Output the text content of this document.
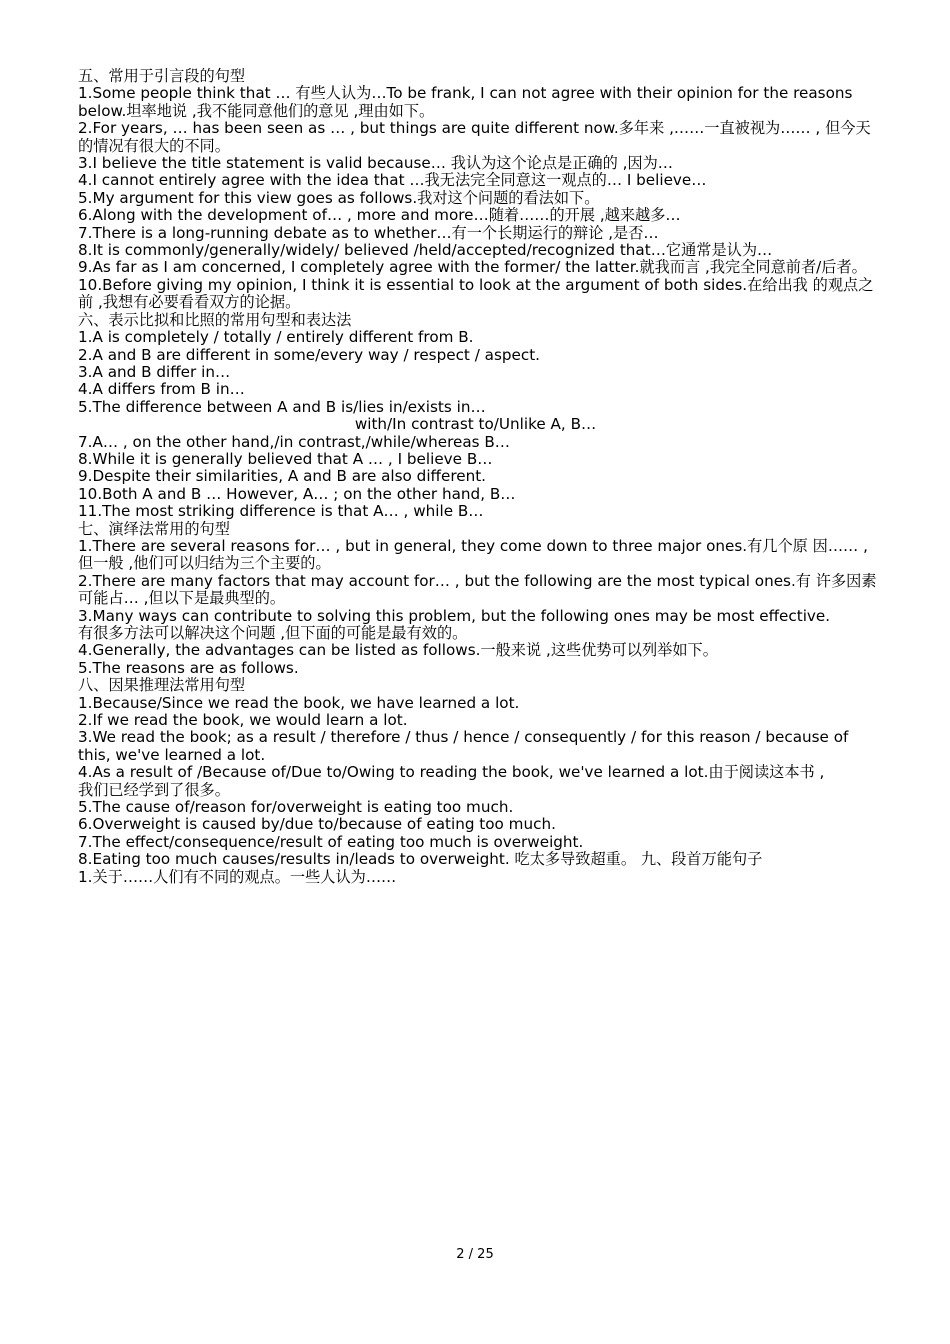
五、常用于引言段的句型

1.Some people think that … 有些人认为…To be frank, I can not agree with their opinion for the reasons below.坦率地说 ,我不能同意他们的意见 ,理由如下。

2.For years, … has been seen as … , but things are quite different now.多年来 ,……一直被视为…… , 但今天的情况有很大的不同。

3.I believe the title statement is valid because… 我认为这个论点是正确的 ,因为…

4.I cannot entirely agree with the idea that …我无法完全同意这一观点的… I believe…

5.My argument for this view goes as follows.我对这个问题的看法如下。

6.Along with the development of… , more and more…随着……的开展 ,越来越多…

7.There is a long-running debate as to whether…有一个长期运行的辩论 ,是否…

8.It is commonly/generally/widely/ believed /held/accepted/recognized that…它通常是认为…

9.As far as I am concerned, I completely agree with the former/ the latter.就我而言 ,我完全同意前者/后者。

10.Before giving my opinion, I think it is essential to look at the argument of both sides.在给出我 的观点之前 ,我想有必要看看双方的论据。

六、表示比拟和比照的常用句型和表达法

1.A is completely / totally / entirely different from B.

2.A and B are different in some/every way / respect / aspect.

3.A and B differ in…

4.A differs from B in…

5.The difference between A and B is/lies in/exists in…

with/In contrast to/Unlike A, B…

7.A… , on the other hand,/in contrast,/while/whereas B…

8.While it is generally believed that A … , I believe B…

9.Despite their similarities, A and B are also different.

10.Both A and B … However, A… ; on the other hand, B…

11.The most striking difference is that A… , while B…

七、演绎法常用的句型

1.There are several reasons for… , but in general, they come down to three major ones.有几个原 因…… ,但一般 ,他们可以归结为三个主要的。

2.There are many factors that may account for… , but the following are the most typical ones.有 许多因素可能占… ,但以下是最典型的。

3.Many ways can contribute to solving this problem, but the following ones may be most effective.

有很多方法可以解决这个问题 ,但下面的可能是最有效的。

4.Generally, the advantages can be listed as follows.一般来说 ,这些优势可以列举如下。

5.The reasons are as follows.

八、因果推理法常用句型

1.Because/Since we read the book, we have learned a lot.

2.If we read the book, we would learn a lot.

3.We read the book; as a result / therefore / thus / hence / consequently / for this reason / because of this, we've learned a lot.

4.As a result of /Because of/Due to/Owing to reading the book, we've learned a lot.由于阅读这本书 ,

我们已经学到了很多。

5.The cause of/reason for/overweight is eating too much.

6.Overweight is caused by/due to/because of eating too much.

7.The effect/consequence/result of eating too much is overweight.

8.Eating too much causes/results in/leads to overweight. 吃太多导致超重。 九、段首万能句子

1.关于……人们有不同的观点。一些人认为……

2 / 25
